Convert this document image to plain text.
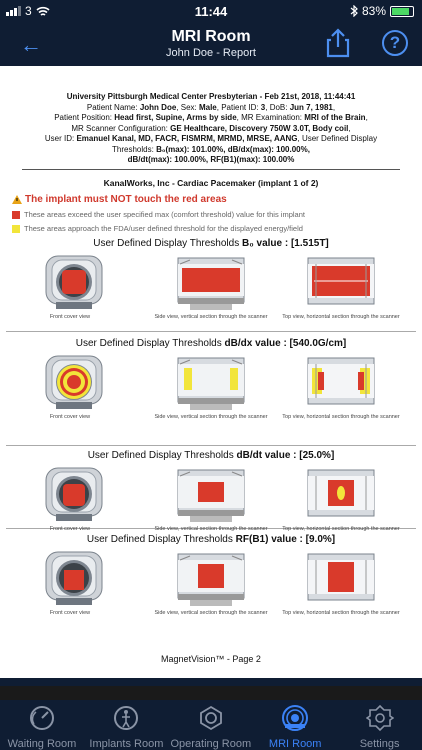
3	11:44	83%
←	MRI Room
John Doe - Report
?
University Pittsburgh Medical Center Presbyterian - Feb 21st, 2018, 11:44:41
Patient Name: John Doe, Sex: Male, Patient ID: 3, DoB: Jun 7, 1981,
Patient Position: Head first, Supine, Arms by side, MR Examination: MRI of the Brain,
MR Scanner Configuration: GE Healthcare, Discovery 750W 3.0T, Body coil,
User ID: Emanuel Kanal, MD, FACR, FISMRM, MRMD, MRSE, AANG, User Defined Display
Thresholds: B₀(max): 101.00%, dB/dx(max): 100.00%,
dB/dt(max): 100.00%, RF(B1)(max): 100.00%
KanalWorks, Inc - Cardiac Pacemaker (implant 1 of 2)
The implant must NOT touch the red areas
These areas exceed the user specified max (comfort threshold) value for this implant
These areas approach the FDA/user defined threshold for the displayed energy/field
User Defined Display Thresholds B₀ value : [1.515T]
Front cover view	Side view, vertical section through the scanner	Top view, horizontal section through the scanner
User Defined Display Thresholds dB/dx value : [540.0G/cm]
Front cover view	Side view, vertical section through the scanner	Top view, horizontal section through the scanner
User Defined Display Thresholds dB/dt value : [25.0%]
Front cover view	Side view, vertical section through the scanner	Top view, horizontal section through the scanner
User Defined Display Thresholds RF(B1) value : [9.0%]
Front cover view	Side view, vertical section through the scanner	Top view, horizontal section through the scanner
MagnetVision™ - Page 2
Waiting Room	Implants Room Operating Room	MRI Room	Settings
